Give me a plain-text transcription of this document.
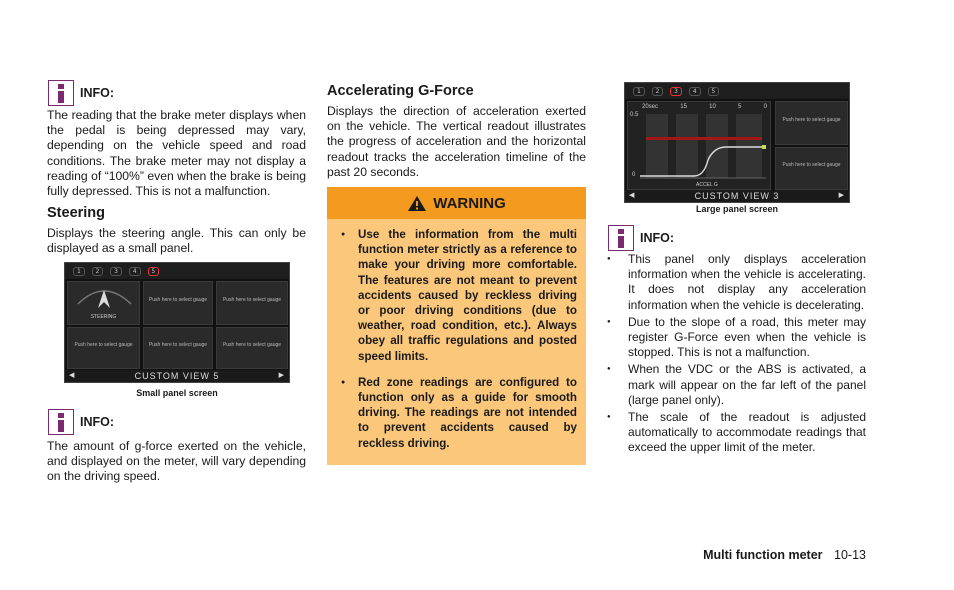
INFO:

The reading that the brake meter displays when the pedal is being depressed may vary, depending on the vehicle speed and road conditions. The brake meter may not display a reading of “100%” even when the brake is being fully depressed. This is not a malfunction.

Steering

Displays the steering angle. This can only be displayed as a small panel.

1	2	3	4	5
STEERING
Push here to select gauge	Push here to select gauge
Push here to select gauge	Push here to select gauge	Push here to select gauge
◀	CUSTOM VIEW 5	▶
Small panel screen
INFO:

The amount of g-force exerted on the vehicle, and displayed on the meter, will vary depending on the driving speed.

Accelerating G-Force

Displays the direction of acceleration exerted on the vehicle. The vertical readout illustrates the progress of acceleration and the horizontal readout tracks the acceleration timeline of the past 20 seconds.

WARNING
● Use the information from the multi function meter strictly as a reference to make your driving more comfortable. The features are not meant to prevent accidents caused by reckless driving or poor driving conditions (due to weather, road condition, etc.). Always obey all traffic regulations and posted speed limits.
● Red zone readings are configured to function only as a guide for smooth driving. The readings are not intended to prevent accidents caused by reckless driving.
1	2	3	4	5
20sec	15	10	5	0
0.5
0
ACCEL G
Push here to select gauge
Push here to select gauge
◀	CUSTOM VIEW 3	▶
Large panel screen
INFO:
● This panel only displays acceleration information when the vehicle is accelerating. It does not display any acceleration information when the vehicle is decelerating.
● Due to the slope of a road, this meter may register G-Force even when the vehicle is stopped. This is not a malfunction.
● When the VDC or the ABS is activated, a mark will appear on the far left of the panel (large panel only).
● The scale of the readout is adjusted automatically to accommodate readings that exceed the upper limit of the meter.
Multi function meter 10-13
